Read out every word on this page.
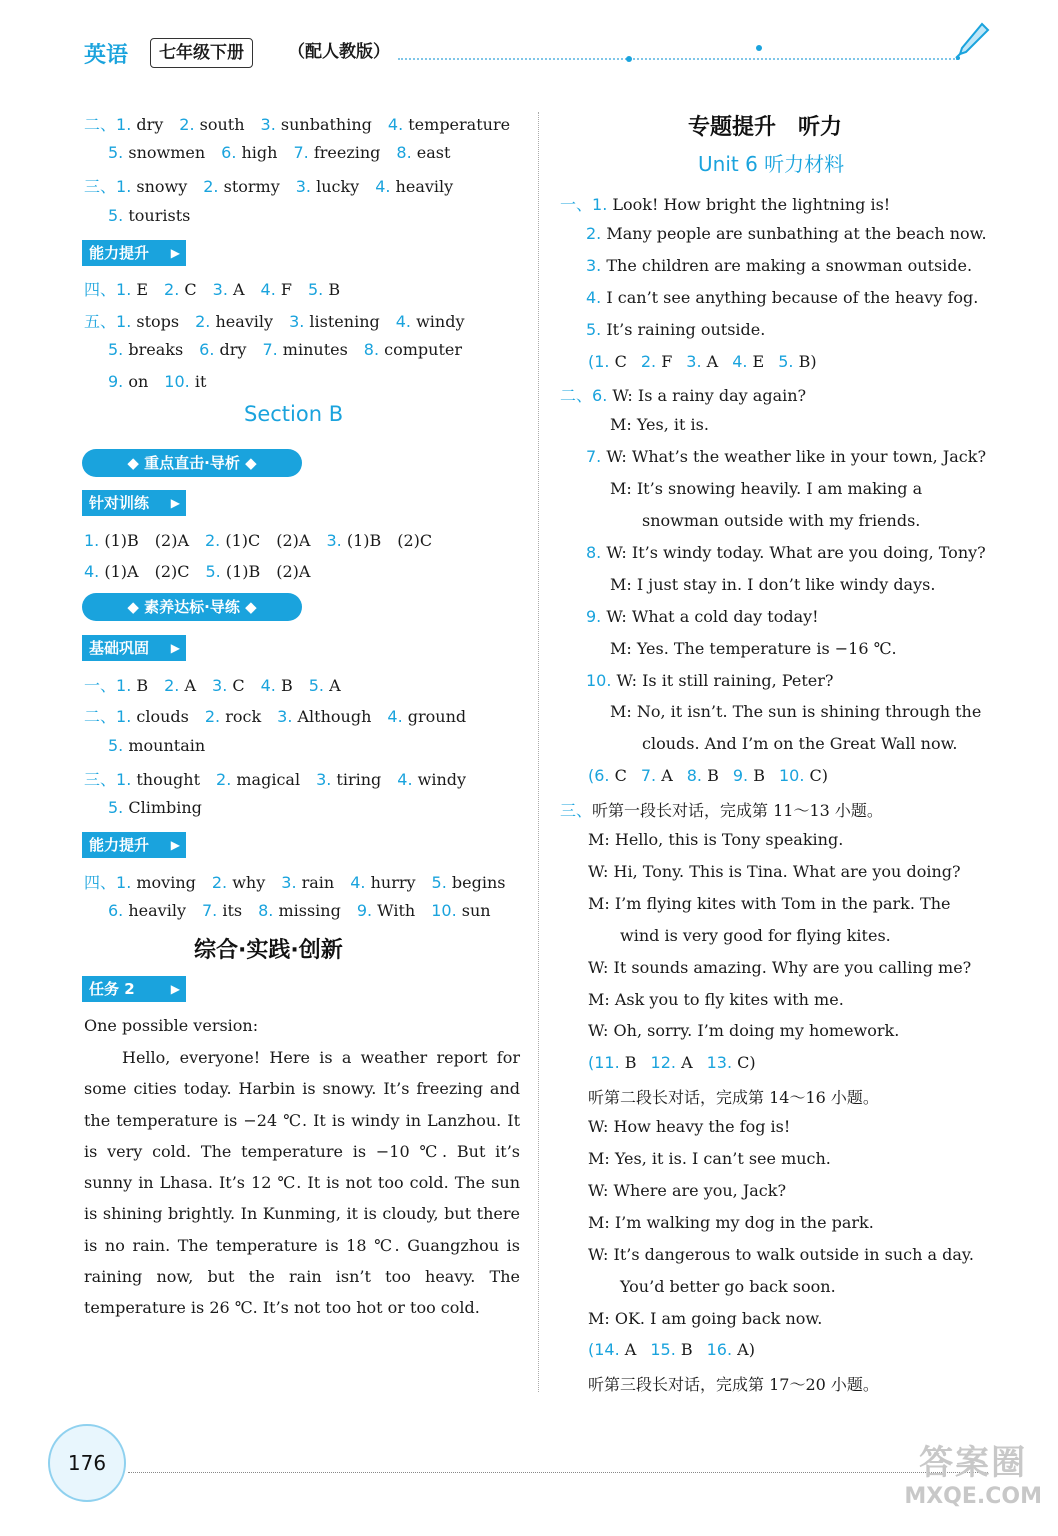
英语	七年级下册	（配人教版）
二、1. dry 2. south 3. sunbathing 4. temperature
5. snowmen 6. high 7. freezing 8. east
三、1. snowy 2. stormy 3. lucky 4. heavily
5. tourists
能力提升 ▶
四、1. E 2. C 3. A 4. F 5. B
五、1. stops 2. heavily 3. listening 4. windy
5. breaks 6. dry 7. minutes 8. computer
9. on 10. it
Section B
◆ 重点直击·导析 ◆
针对训练 ▶
1. (1)B　(2)A 2. (1)C　(2)A 3. (1)B　(2)C
4. (1)A　(2)C 5. (1)B　(2)A
◆ 素养达标·导练 ◆
基础巩固 ▶
一、1. B 2. A 3. C 4. B 5. A
二、1. clouds 2. rock 3. Although 4. ground
5. mountain
三、1. thought 2. magical 3. tiring 4. windy
5. Climbing
能力提升 ▶
四、1. moving 2. why 3. rain 4. hurry 5. begins
6. heavily 7. its 8. missing 9. With 10. sun
综合·实践·创新
任务 2	▶
One possible version:
Hello, everyone! Here is a weather report for some cities today. Harbin is snowy. It’s freezing and the temperature is −24 ℃. It is windy in Lanzhou. It is very cold. The temperature is −10 ℃. But it’s sunny in Lhasa. It’s 12 ℃. It is not too cold. The sun is shining brightly. In Kunming, it is cloudy, but there is no rain. The temperature is 18 ℃. Guangzhou is raining now, but the rain isn’t too heavy. The temperature is 26 ℃. It’s not too hot or too cold.
专题提升　听力
Unit 6 听力材料
一、1. Look! How bright the lightning is!
2. Many people are sunbathing at the beach now.
3. The children are making a snowman outside.
4. I can’t see anything because of the heavy fog.
5. It’s raining outside.
(1. C 2. F 3. A 4. E 5. B)
二、6. W: Is a rainy day again?
M: Yes, it is.
7. W: What’s the weather like in your town, Jack?
M: It’s snowing heavily. I am making a
snowman outside with my friends.
8. W: It’s windy today. What are you doing, Tony?
M: I just stay in. I don’t like windy days.
9. W: What a cold day today!
M: Yes. The temperature is −16 ℃.
10. W: Is it still raining, Peter?
M: No, it isn’t. The sun is shining through the
clouds. And I’m on the Great Wall now.
(6. C 7. A 8. B 9. B 10. C)
三、听第一段长对话，完成第 11～13 小题。
M: Hello, this is Tony speaking.
W: Hi, Tony. This is Tina. What are you doing?
M: I’m flying kites with Tom in the park. The
wind is very good for flying kites.
W: It sounds amazing. Why are you calling me?
M: Ask you to fly kites with me.
W: Oh, sorry. I’m doing my homework.
(11. B 12. A 13. C)
听第二段长对话，完成第 14～16 小题。
W: How heavy the fog is!
M: Yes, it is. I can’t see much.
W: Where are you, Jack?
M: I’m walking my dog in the park.
W: It’s dangerous to walk outside in such a day.
You’d better go back soon.
M: OK. I am going back now.
(14. A 15. B 16. A)
听第三段长对话，完成第 17～20 小题。
176	答案圈
MXQE.COM
